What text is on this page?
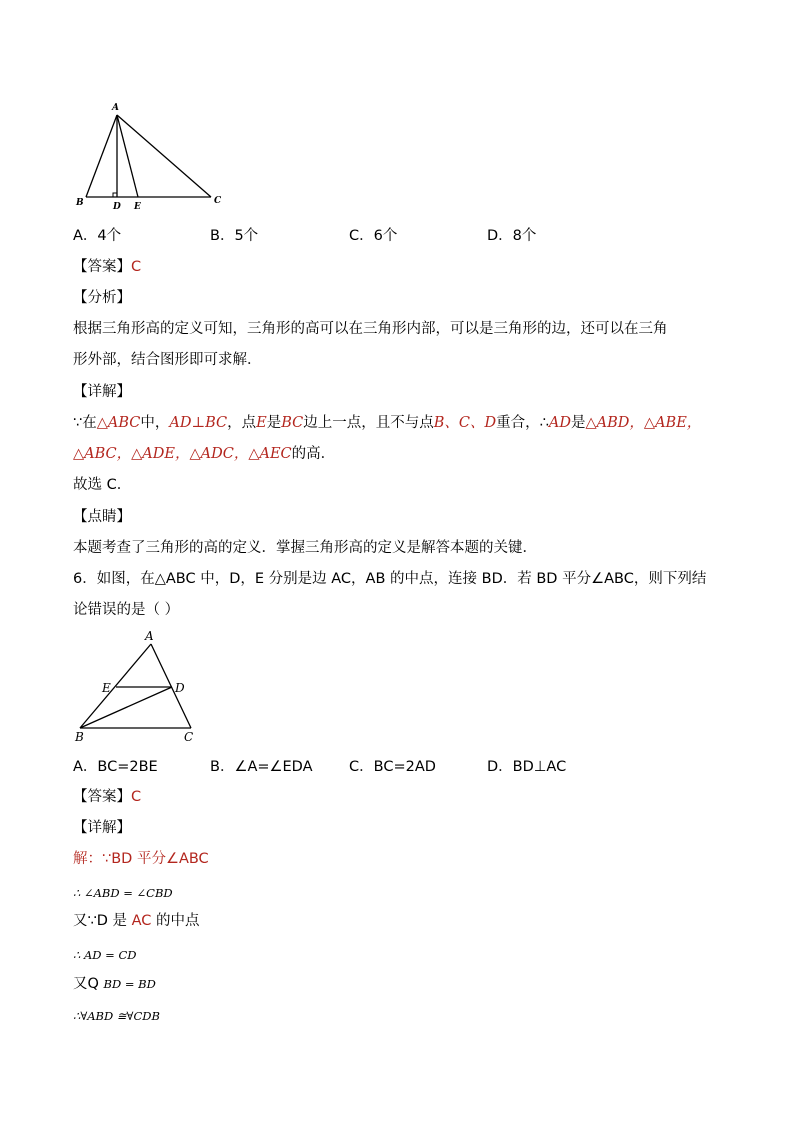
A
B	D E
C
A．4个	B．5个	C．6个	D．8个
【答案】C
【分析】
根据三角形高的定义可知，三角形的高可以在三角形内部，可以是三角形的边，还可以在三角
形外部，结合图形即可求解．
【详解】
∵在△ABC中，AD⊥BC，点E是BC边上一点，且不与点B、C、D重合，∴AD是△ABD，△ABE，
△ABC，△ADE，△ADC，△AEC的高．
故选 C．
【点睛】
本题考查了三角形的高的定义．掌握三角形高的定义是解答本题的关键．
6．如图，在△ABC 中，D，E 分别是边 AC，AB 的中点，连接 BD．若 BD 平分∠ABC，则下列结
论错误的是（ ）
A
E	D
B	C
A．BC=2BE	B．∠A=∠EDA	C．BC=2AD	D．BD⊥AC
【答案】C
【详解】
解：∵BD 平分∠ABC
∴ ∠ABD = ∠CBD
又∵D 是 AC 的中点
∴ AD = CD
又Q BD = BD
∴∀ABD ≅∀CDB
